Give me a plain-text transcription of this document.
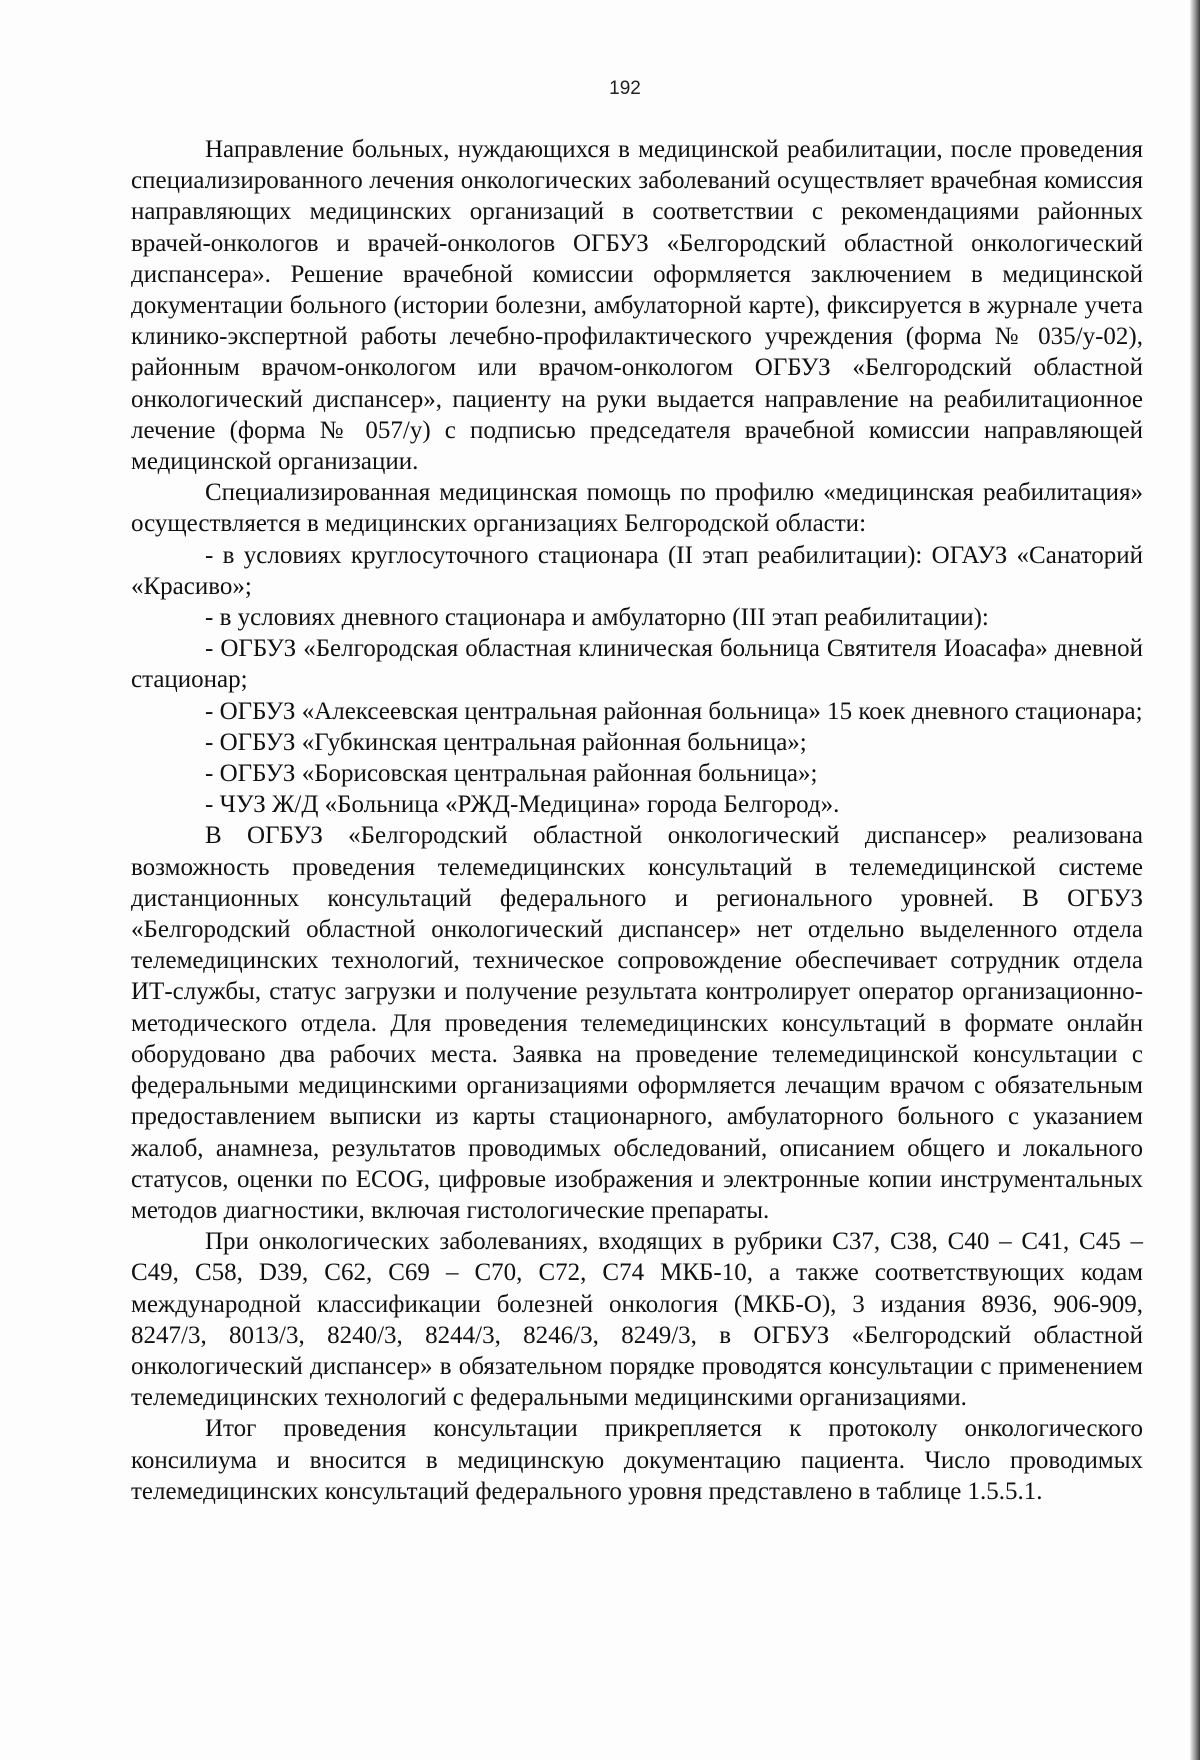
192

Направление больных, нуждающихся в медицинской реабилитации, после проведения специализированного лечения онкологических заболеваний осуществляет врачебная комиссия направляющих медицинских организаций в соответствии с рекомендациями районных врачей-онкологов и врачей-онкологов ОГБУЗ «Белгородский областной онкологический диспансера». Решение врачебной комиссии оформляется заключением в медицинской документации больного (истории болезни, амбулаторной карте), фиксируется в журнале учета клинико-экспертной работы лечебно-профилактического учреждения (форма № 035/у-02), районным врачом-онкологом или врачом-онкологом ОГБУЗ «Белгородский областной онкологический диспансер», пациенту на руки выдается направление на реабилитационное лечение (форма № 057/у) с подписью председателя врачебной комиссии направляющей медицинской организации.

Специализированная медицинская помощь по профилю «медицинская реабилитация» осуществляется в медицинских организациях Белгородской области:

- в условиях круглосуточного стационара (II этап реабилитации): ОГАУЗ «Санаторий «Красиво»;

- в условиях дневного стационара и амбулаторно (III этап реабилитации):

- ОГБУЗ «Белгородская областная клиническая больница Святителя Иоасафа» дневной стационар;

- ОГБУЗ «Алексеевская центральная районная больница» 15 коек дневного стационара;

- ОГБУЗ «Губкинская центральная районная больница»;

- ОГБУЗ «Борисовская центральная районная больница»;

- ЧУЗ Ж/Д «Больница «РЖД-Медицина» города Белгород».

В ОГБУЗ «Белгородский областной онкологический диспансер» реализована возможность проведения телемедицинских консультаций в телемедицинской системе дистанционных консультаций федерального и регионального уровней. В ОГБУЗ «Белгородский областной онкологический диспансер» нет отдельно выделенного отдела телемедицинских технологий, техническое сопровождение обеспечивает сотрудник отдела ИТ-службы, статус загрузки и получение результата контролирует оператор организационно-методического отдела. Для проведения телемедицинских консультаций в формате онлайн оборудовано два рабочих места. Заявка на проведение телемедицинской консультации с федеральными медицинскими организациями оформляется лечащим врачом с обязательным предоставлением выписки из карты стационарного, амбулаторного больного с указанием жалоб, анамнеза, результатов проводимых обследований, описанием общего и локального статусов, оценки по ECOG, цифровые изображения и электронные копии инструментальных методов диагностики, включая гистологические препараты.

При онкологических заболеваниях, входящих в рубрики C37, C38, C40 – C41, C45 – C49, C58, D39, C62, C69 – C70, C72, C74 МКБ-10, а также соответствующих кодам международной классификации болезней онкология (МКБ-О), 3 издания 8936, 906-909, 8247/3, 8013/3, 8240/3, 8244/3, 8246/3, 8249/3, в ОГБУЗ «Белгородский областной онкологический диспансер» в обязательном порядке проводятся консультации с применением телемедицинских технологий с федеральными медицинскими организациями.

Итог проведения консультации прикрепляется к протоколу онкологического консилиума и вносится в медицинскую документацию пациента. Число проводимых телемедицинских консультаций федерального уровня представлено в таблице 1.5.5.1.
